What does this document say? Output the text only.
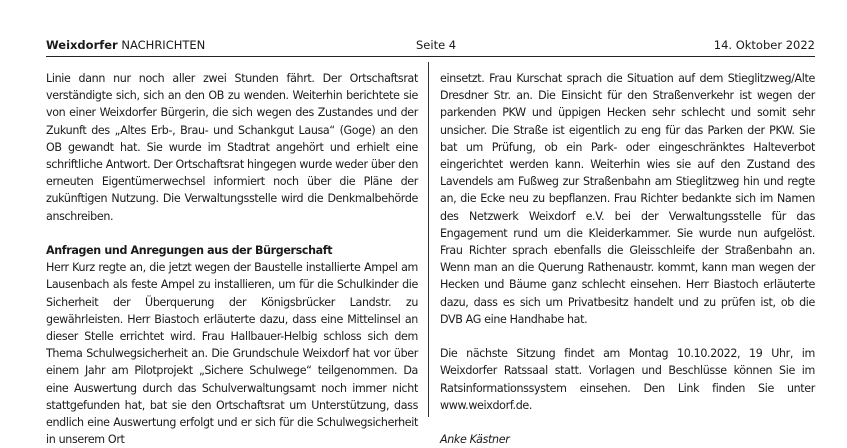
Weixdorfer NACHRICHTEN	Seite 4	14. Oktober 2022

Linie dann nur noch aller zwei Stunden fährt. Der Ortschaftsrat verständigte sich, sich an den OB zu wenden. Weiterhin berichtete sie von einer Weixdorfer Bürgerin, die sich wegen des Zustandes und der Zukunft des „Altes Erb-, Brau- und Schankgut Lausa“ (Goge) an den OB gewandt hat. Sie wurde im Stadtrat angehört und erhielt eine schriftliche Antwort. Der Ortschaftsrat hingegen wurde weder über den erneuten Eigentümerwechsel informiert noch über die Pläne der zukünftigen Nutzung. Die Verwaltungsstelle wird die Denkmalbehörde anschreiben.

Anfragen und Anregungen aus der Bürgerschaft

Herr Kurz regte an, die jetzt wegen der Baustelle installierte Ampel am Lausenbach als feste Ampel zu installieren, um für die Schulkinder die Sicherheit der Überquerung der Königsbrücker Landstr. zu gewährleisten. Herr Biastoch erläuterte dazu, dass eine Mittelinsel an dieser Stelle errichtet wird. Frau Hallbauer-Helbig schloss sich dem Thema Schulwegsicherheit an. Die Grundschule Weixdorf hat vor über einem Jahr am Pilotprojekt „Sichere Schulwege“ teilgenommen. Da eine Auswertung durch das Schulverwaltungsamt noch immer nicht stattgefunden hat, bat sie den Ortschaftsrat um Unterstützung, dass endlich eine Auswertung erfolgt und er sich für die Schulwegsicherheit in unserem Ort

einsetzt. Frau Kurschat sprach die Situation auf dem Stieglitzweg/Alte Dresdner Str. an. Die Einsicht für den Straßenverkehr ist wegen der parkenden PKW und üppigen Hecken sehr schlecht und somit sehr unsicher. Die Straße ist eigentlich zu eng für das Parken der PKW. Sie bat um Prüfung, ob ein Park- oder eingeschränktes Halteverbot eingerichtet werden kann. Weiterhin wies sie auf den Zustand des Lavendels am Fußweg zur Straßenbahn am Stieglitzweg hin und regte an, die Ecke neu zu bepflanzen. Frau Richter bedankte sich im Namen des Netzwerk Weixdorf e.V. bei der Verwaltungsstelle für das Engagement rund um die Kleiderkammer. Sie wurde nun aufgelöst. Frau Richter sprach ebenfalls die Gleisschleife der Straßenbahn an. Wenn man an die Querung Rathenaustr. kommt, kann man wegen der Hecken und Bäume ganz schlecht einsehen. Herr Biastoch erläuterte dazu, dass es sich um Privatbesitz handelt und zu prüfen ist, ob die DVB AG eine Handhabe hat.

Die nächste Sitzung findet am Montag 10.10.2022, 19 Uhr, im Weixdorfer Ratssaal statt. Vorlagen und Beschlüsse können Sie im Ratsinformationssystem einsehen. Den Link finden Sie unter www.weixdorf.de.

Anke Kästner
